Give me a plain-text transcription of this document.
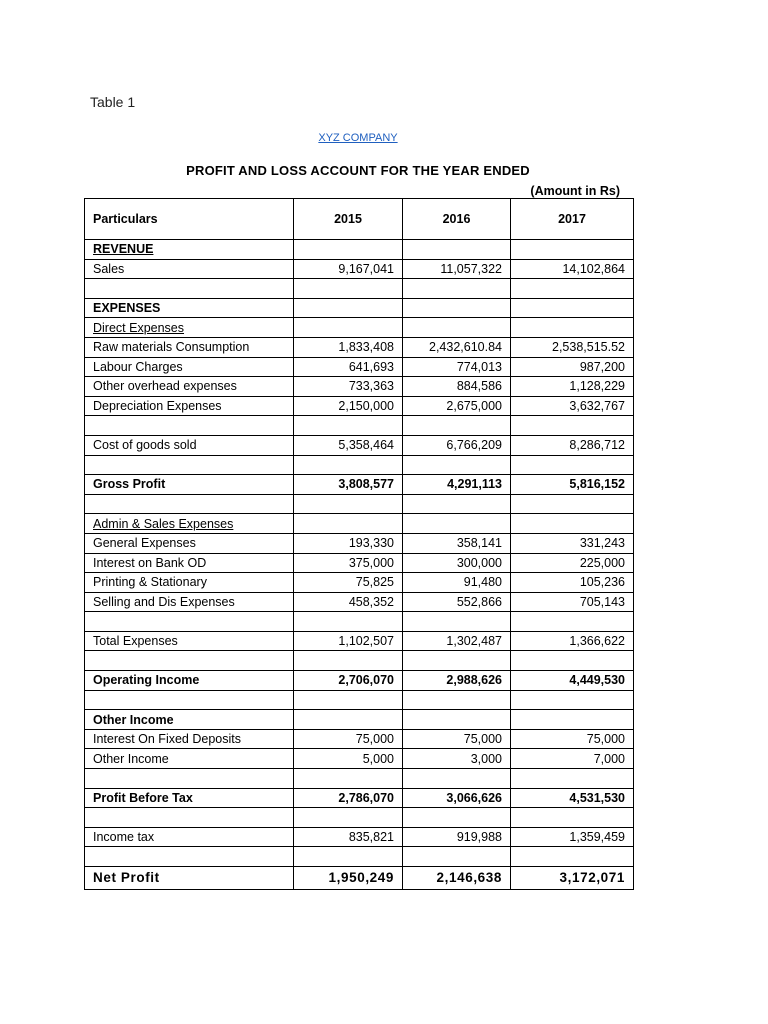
Table 1
XYZ COMPANY
PROFIT AND LOSS ACCOUNT FOR THE YEAR ENDED
(Amount in Rs)
Particulars	2015	2016	2017
REVENUE			
Sales	9,167,041	11,057,322	14,102,864

EXPENSES			
Direct Expenses			
Raw materials Consumption	1,833,408	2,432,610.84	2,538,515.52
Labour Charges	641,693	774,013	987,200
Other overhead expenses	733,363	884,586	1,128,229
Depreciation Expenses	2,150,000	2,675,000	3,632,767

Cost of goods sold	5,358,464	6,766,209	8,286,712

Gross Profit	3,808,577	4,291,113	5,816,152

Admin & Sales Expenses			
General Expenses	193,330	358,141	331,243
Interest on Bank OD	375,000	300,000	225,000
Printing & Stationary	75,825	91,480	105,236
Selling and Dis Expenses	458,352	552,866	705,143

Total Expenses	1,102,507	1,302,487	1,366,622

Operating Income	2,706,070	2,988,626	4,449,530

Other Income			
Interest On Fixed Deposits	75,000	75,000	75,000
Other Income	5,000	3,000	7,000

Profit Before Tax	2,786,070	3,066,626	4,531,530

Income tax	835,821	919,988	1,359,459

Net Profit	1,950,249	2,146,638	3,172,071
